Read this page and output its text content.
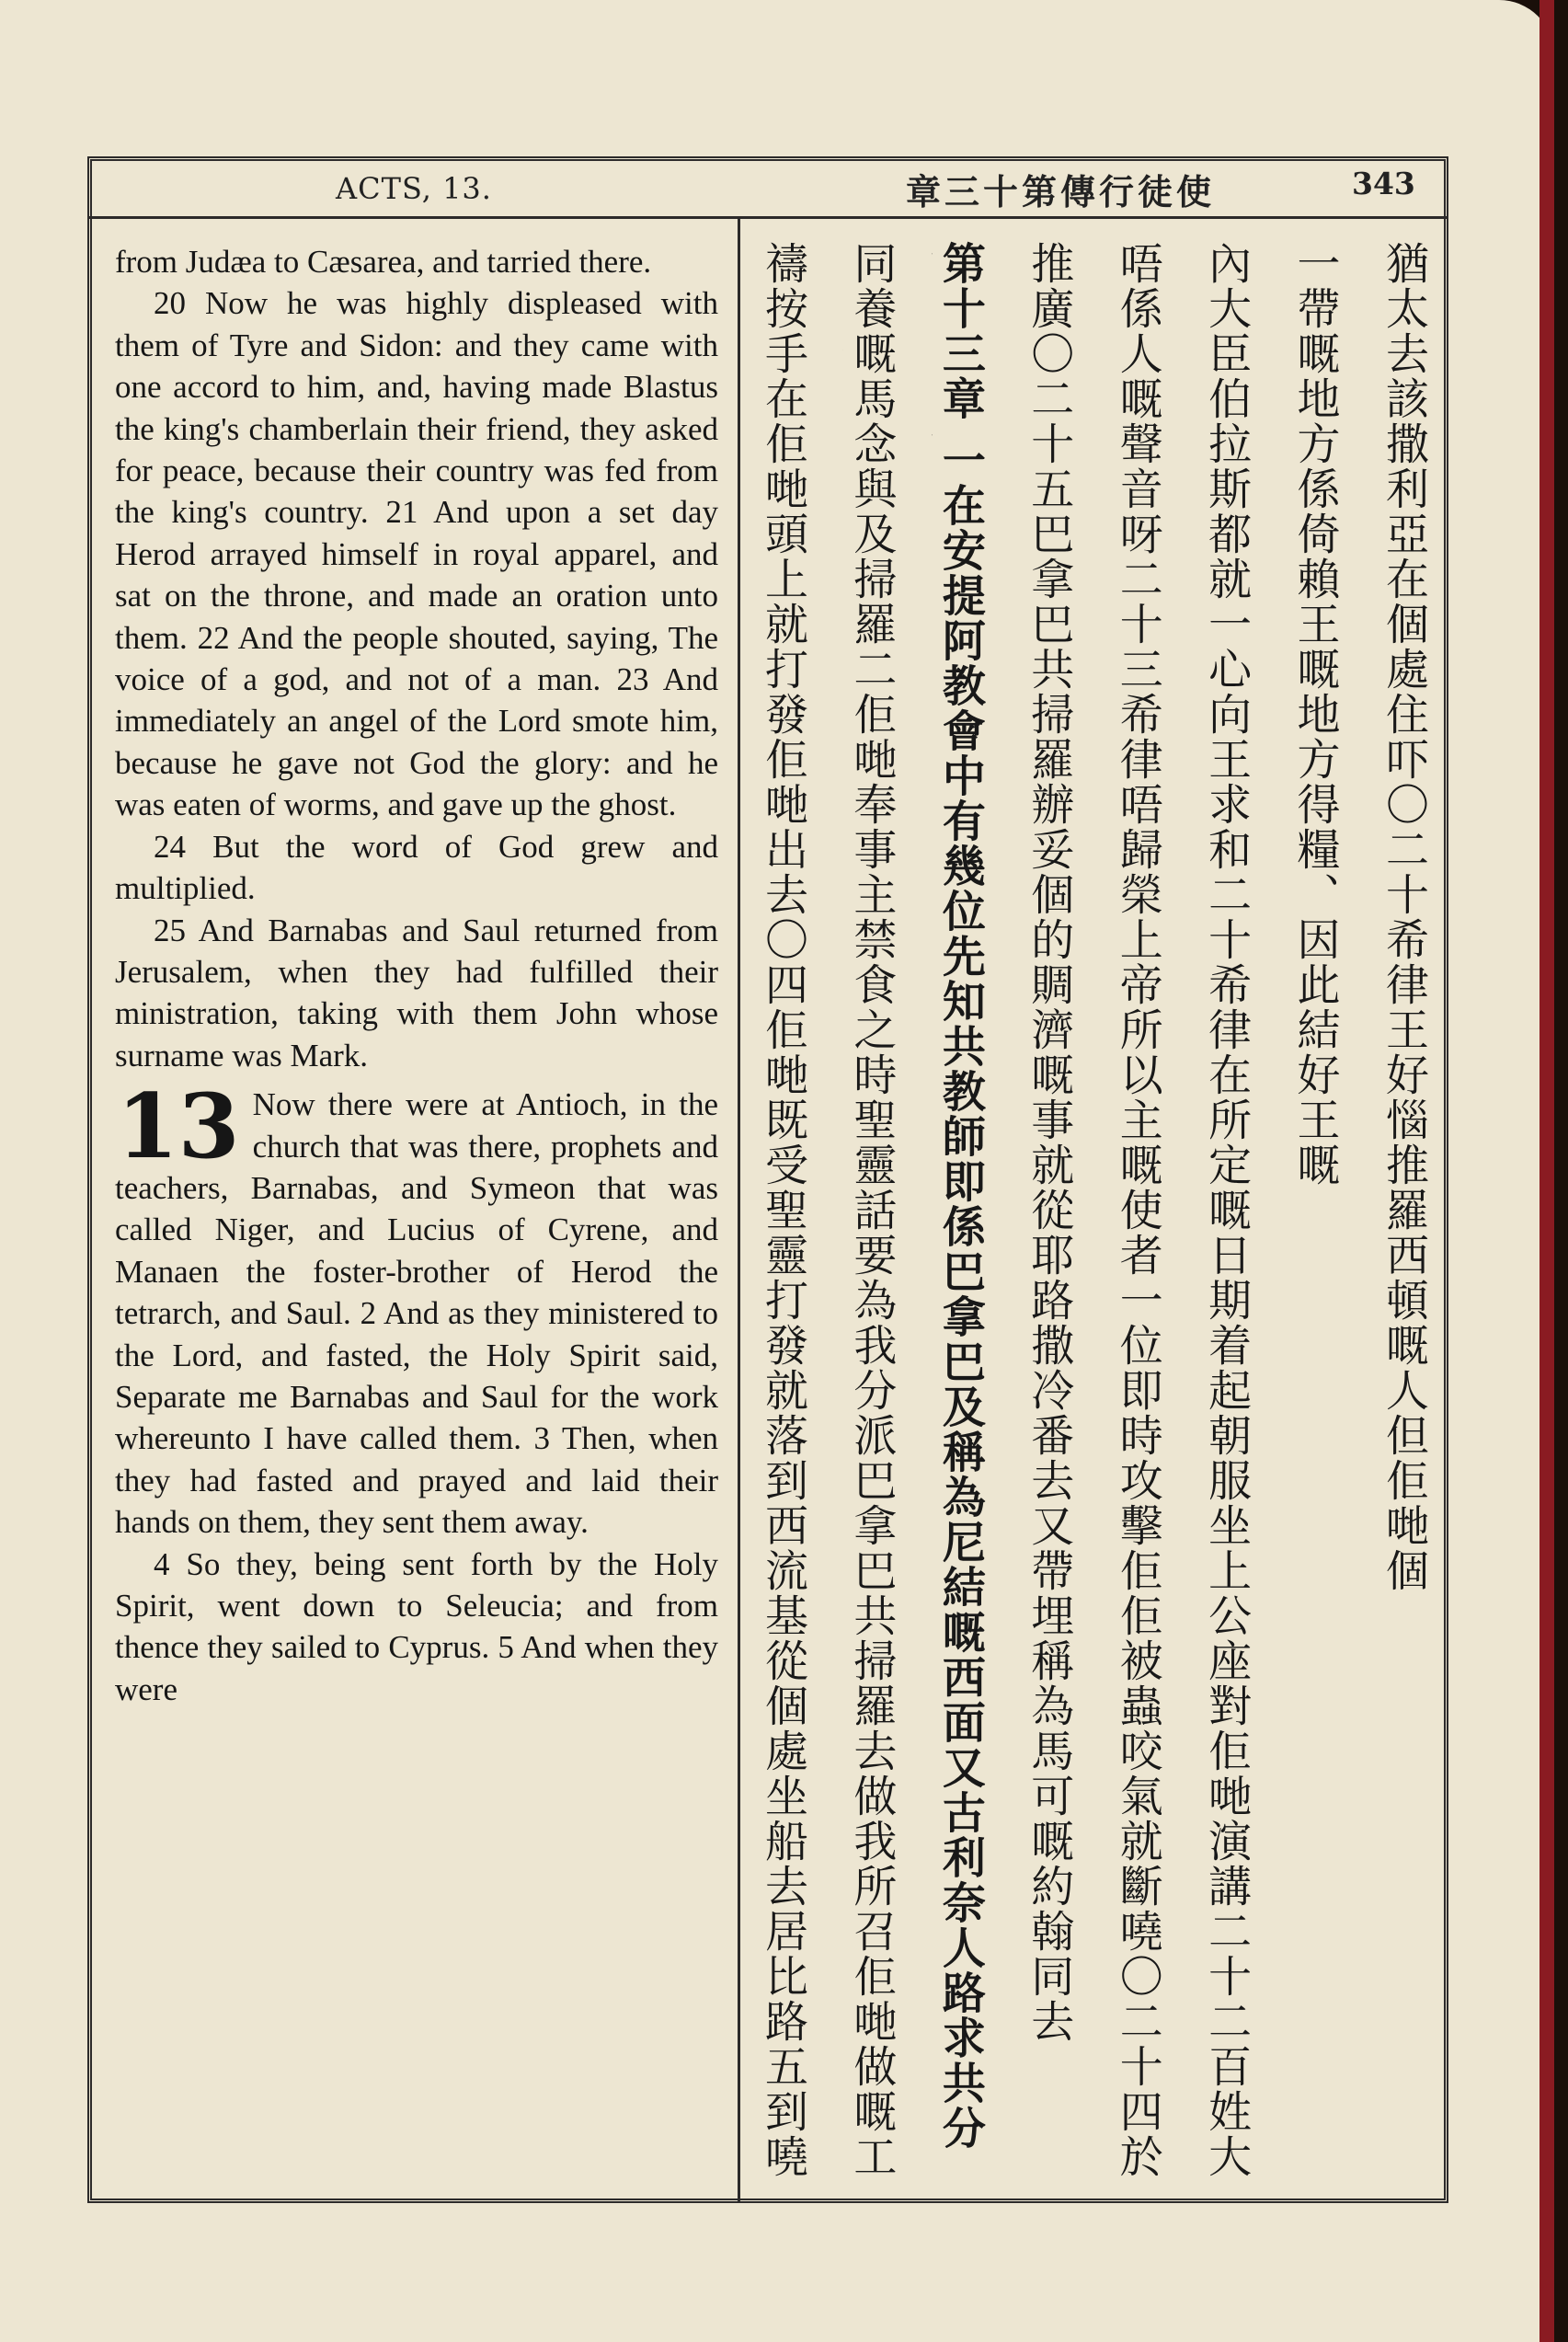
ACTS, 13.	章三十第傳行徒使	343

from Judæa to Cæsarea, and tarried there.

20 Now he was highly displeased with them of Tyre and Sidon: and they came with one accord to him, and, having made Blastus the king's chamberlain their friend, they asked for peace, because their country was fed from the king's country. 21 And upon a set day Herod arrayed himself in royal apparel, and sat on the throne, and made an oration unto them. 22 And the people shouted, saying, The voice of a god, and not of a man. 23 And immediately an angel of the Lord smote him, because he gave not God the glory: and he was eaten of worms, and gave up the ghost.

24 But the word of God grew and multiplied.

25 And Barnabas and Saul returned from Jerusalem, when they had fulfilled their ministration, taking with them John whose surname was Mark.

13 Now there were at Antioch, in the church that was there, prophets and teachers, Barnabas, and Symeon that was called Niger, and Lucius of Cyrene, and Manaen the foster-brother of Herod the tetrarch, and Saul. 2 And as they ministered to the Lord, and fasted, the Holy Spirit said, Separate me Barnabas and Saul for the work whereunto I have called them. 3 Then, when they had fasted and prayed and laid their hands on them, they sent them away.

4 So they, being sent forth by the Holy Spirit, went down to Seleucia; and from thence they sailed to Cyprus. 5 And when they were

猶太去該撒利亞在個處住吓〇二十希律王好惱推羅西頓嘅人但佢哋個
一帶嘅地方係倚賴王嘅地方得糧、因此結好王嘅
內大臣伯拉斯都就一心向王求和二十希律在所定嘅日期着起朝服坐上公座對佢哋演講二十二百姓大
唔係人嘅聲音呀二十三希律唔歸榮上帝所以主嘅使者一位即時攻擊佢佢被蟲咬氣就斷嘵〇二十四於
推廣〇二十五巴拿巴共掃羅辦妥個的賙濟嘅事就從耶路撒冷番去又帶埋稱為馬可嘅約翰同去
第十三章 一在安提阿教會中有幾位先知共教師即係巴拿巴及稱為尼結嘅西面又古利奈人路求共分
同養嘅馬念與及掃羅二佢哋奉事主禁食之時聖靈話要為我分派巴拿巴共掃羅去做我所召佢哋做嘅工
禱按手在佢哋頭上就打發佢哋出去〇四佢哋既受聖靈打發就落到西流基從個處坐船去居比路五到嘵
